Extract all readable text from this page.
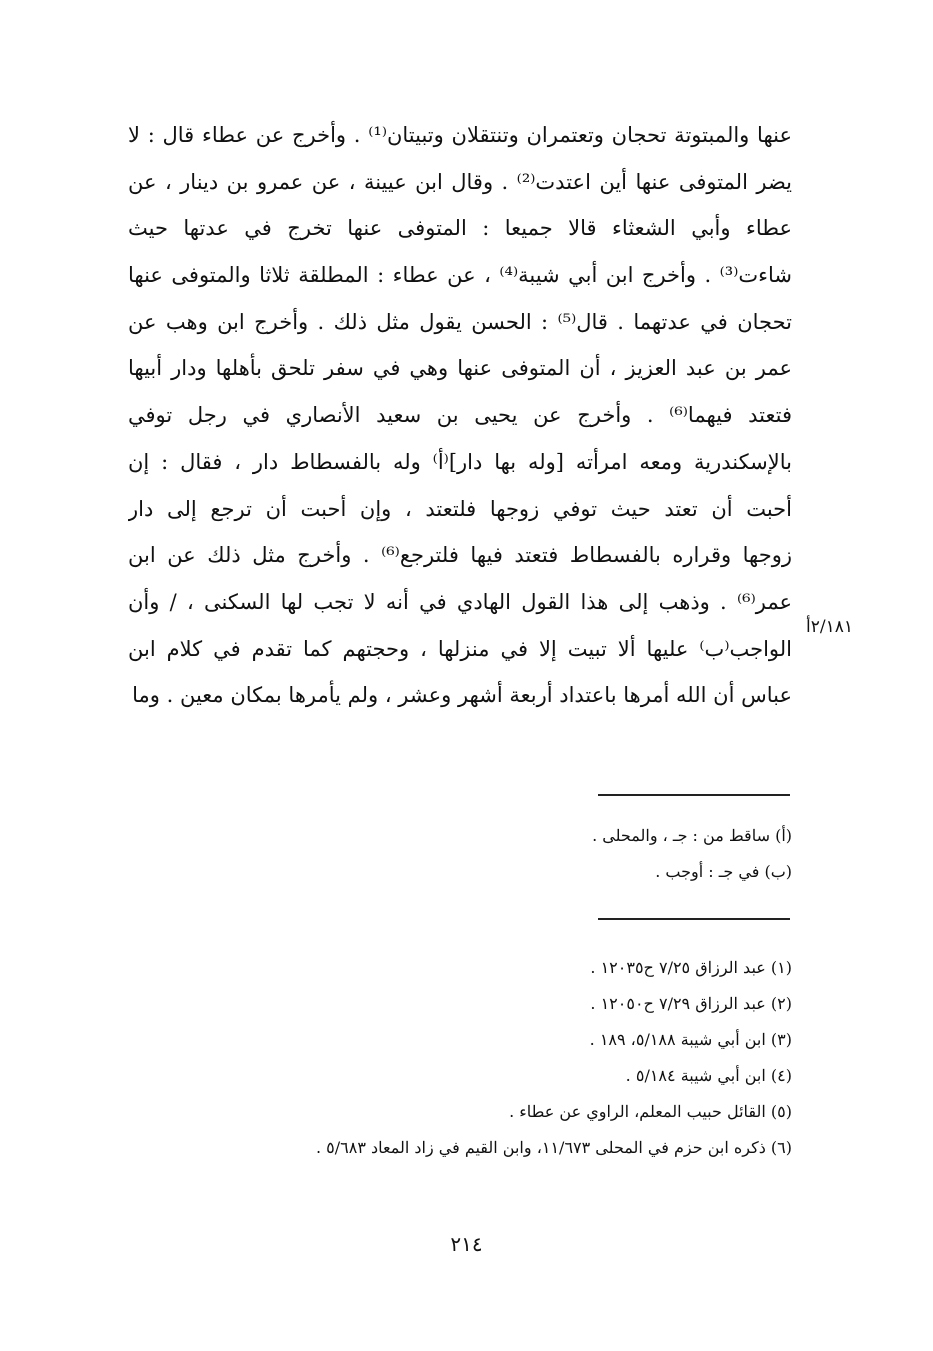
عنها والمبتوتة تحجان وتعتمران وتنتقلان وتبيتان⁽¹⁾ . وأخرج عن عطاء قال : لا
يضر المتوفى عنها أين اعتدت⁽²⁾ . وقال ابن عيينة ، عن عمرو بن دينار ، عن
عطاء وأبي الشعثاء قالا جميعا : المتوفى عنها تخرج في عدتها حيث
شاءت⁽³⁾ . وأخرج ابن أبي شيبة⁽⁴⁾ ، عن عطاء : المطلقة ثلاثا والمتوفى عنها
تحجان في عدتهما . قال⁽⁵⁾ : الحسن يقول مثل ذلك . وأخرج ابن وهب عن
عمر بن عبد العزيز ، أن المتوفى عنها وهي في سفر تلحق بأهلها ودار أبيها
فتعتد فيهما⁽⁶⁾ . وأخرج عن يحيى بن سعيد الأنصاري في رجل توفي
بالإسكندرية ومعه امرأته [وله بها دار]⁽أ⁾ وله بالفسطاط دار ، فقال : إن
أحبت أن تعتد حيث توفي زوجها فلتعتد ، وإن أحبت أن ترجع إلى دار
زوجها وقراره بالفسطاط فتعتد فيها فلترجع⁽⁶⁾ . وأخرج مثل ذلك عن ابن
عمر⁽⁶⁾ . وذهب إلى هذا القول الهادي في أنه لا تجب لها السكنى ، / وأن
الواجب⁽ب⁾ عليها ألا تبيت إلا في منزلها ، وحجتهم كما تقدم في كلام ابن
عباس أن الله أمرها باعتداد أربعة أشهر وعشر ، ولم يأمرها بمكان معين . وما
٢/١٨١أ
(أ) ساقط من : جـ ، والمحلى .
(ب) في جـ : أوجب .
(١) عبد الرزاق ٧/٢٥ ح١٢٠٣٥ .
(٢) عبد الرزاق ٧/٢٩ ح١٢٠٥٠ .
(٣) ابن أبي شيبة ٥/١٨٨، ١٨٩ .
(٤) ابن أبي شيبة ٥/١٨٤ .
(٥) القائل حبيب المعلم، الراوي عن عطاء .
(٦) ذكره ابن حزم في المحلى ١١/٦٧٣، وابن القيم في زاد المعاد ٥/٦٨٣ .
٢١٤
